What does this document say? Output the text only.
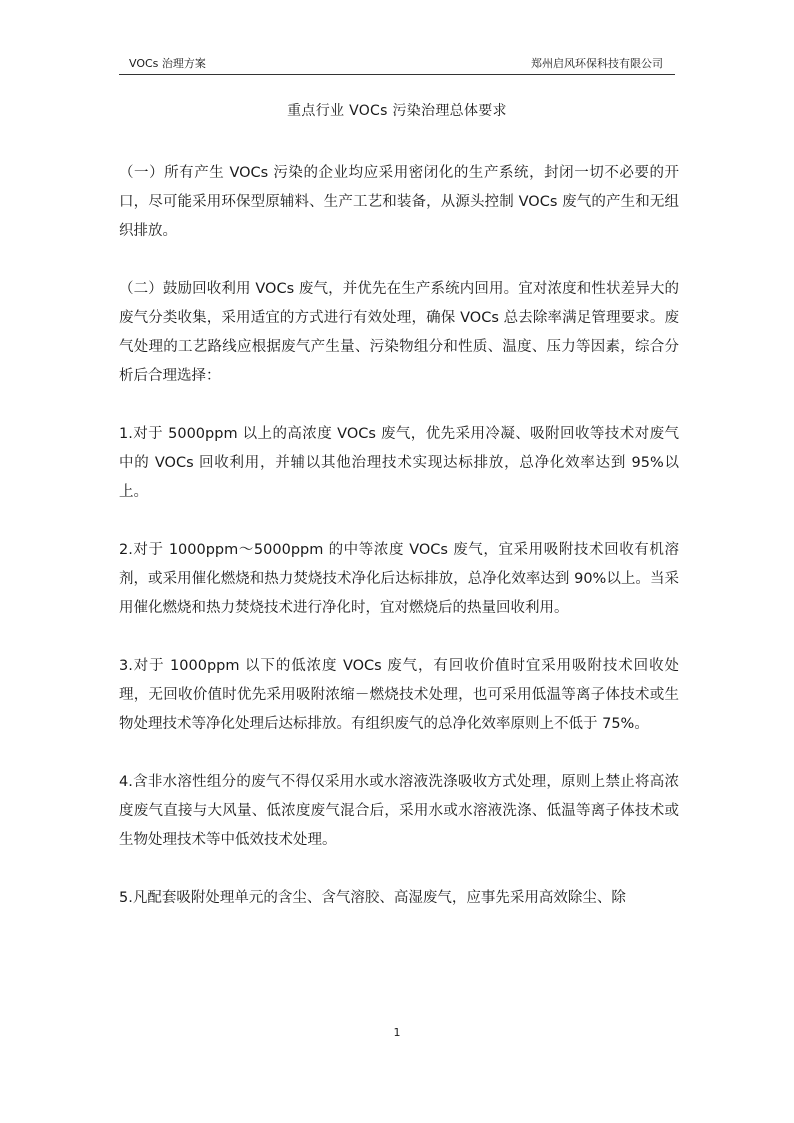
VOCs 治理方案	郑州启风环保科技有限公司
重点行业 VOCs 污染治理总体要求

（一）所有产生 VOCs 污染的企业均应采用密闭化的生产系统，封闭一切不必要的开口，尽可能采用环保型原辅料、生产工艺和装备，从源头控制 VOCs 废气的产生和无组织排放。

（二）鼓励回收利用 VOCs 废气，并优先在生产系统内回用。宜对浓度和性状差异大的废气分类收集，采用适宜的方式进行有效处理，确保 VOCs 总去除率满足管理要求。废气处理的工艺路线应根据废气产生量、污染物组分和性质、温度、压力等因素，综合分析后合理选择：

1.对于 5000ppm 以上的高浓度 VOCs 废气，优先采用冷凝、吸附回收等技术对废气中的 VOCs 回收利用，并辅以其他治理技术实现达标排放，总净化效率达到 95%以上。

2.对于 1000ppm～5000ppm 的中等浓度 VOCs 废气，宜采用吸附技术回收有机溶剂，或采用催化燃烧和热力焚烧技术净化后达标排放，总净化效率达到 90%以上。当采用催化燃烧和热力焚烧技术进行净化时，宜对燃烧后的热量回收利用。

3.对于 1000ppm 以下的低浓度 VOCs 废气，有回收价值时宜采用吸附技术回收处理，无回收价值时优先采用吸附浓缩－燃烧技术处理，也可采用低温等离子体技术或生物处理技术等净化处理后达标排放。有组织废气的总净化效率原则上不低于 75%。

4.含非水溶性组分的废气不得仅采用水或水溶液洗涤吸收方式处理，原则上禁止将高浓度废气直接与大风量、低浓度废气混合后，采用水或水溶液洗涤、低温等离子体技术或生物处理技术等中低效技术处理。

5.凡配套吸附处理单元的含尘、含气溶胶、高湿废气，应事先采用高效除尘、除

1
